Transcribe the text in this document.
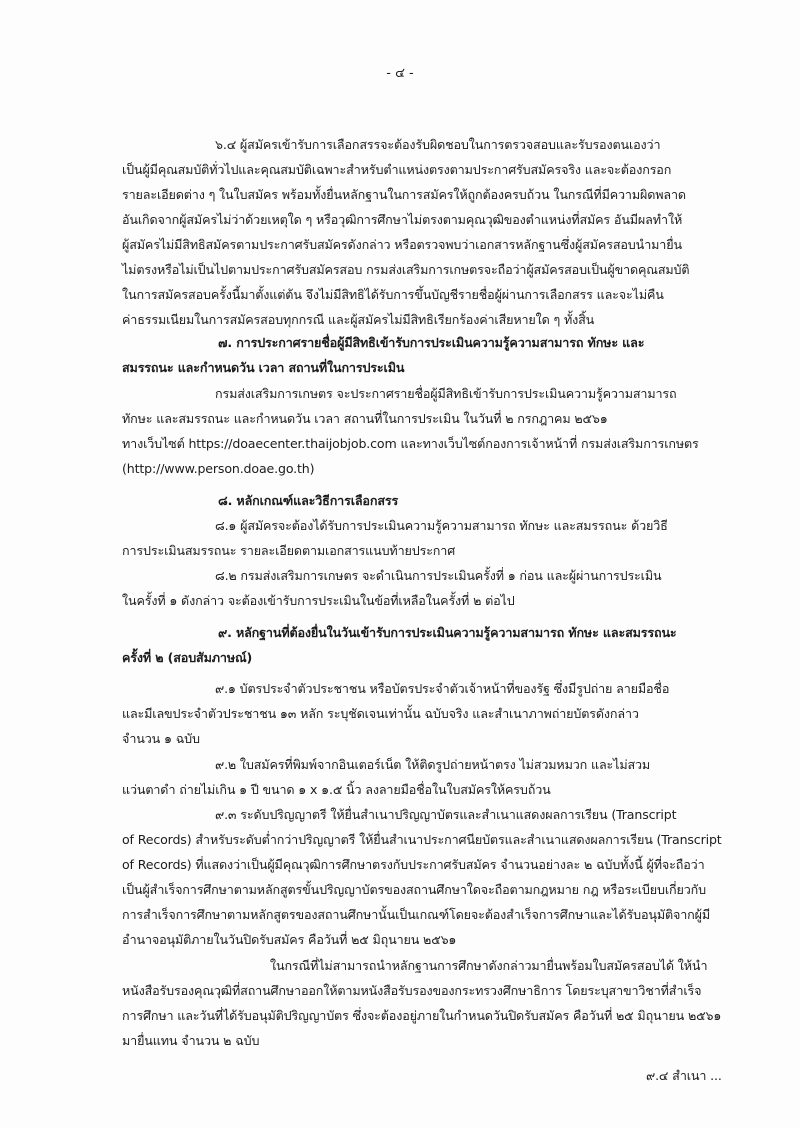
- ๔ -
๖.๔ ผู้สมัครเข้ารับการเลือกสรรจะต้องรับผิดชอบในการตรวจสอบและรับรองตนเองว่า
เป็นผู้มีคุณสมบัติทั่วไปและคุณสมบัติเฉพาะสำหรับตำแหน่งตรงตามประกาศรับสมัครจริง และจะต้องกรอก
รายละเอียดต่าง ๆ ในใบสมัคร พร้อมทั้งยื่นหลักฐานในการสมัครให้ถูกต้องครบถ้วน ในกรณีที่มีความผิดพลาด
อันเกิดจากผู้สมัครไม่ว่าด้วยเหตุใด ๆ หรือวุฒิการศึกษาไม่ตรงตามคุณวุฒิของตำแหน่งที่สมัคร อันมีผลทำให้
ผู้สมัครไม่มีสิทธิสมัครตามประกาศรับสมัครดังกล่าว หรือตรวจพบว่าเอกสารหลักฐานซึ่งผู้สมัครสอบนำมายื่น
ไม่ตรงหรือไม่เป็นไปตามประกาศรับสมัครสอบ กรมส่งเสริมการเกษตรจะถือว่าผู้สมัครสอบเป็นผู้ขาดคุณสมบัติ
ในการสมัครสอบครั้งนี้มาตั้งแต่ต้น จึงไม่มีสิทธิได้รับการขึ้นบัญชีรายชื่อผู้ผ่านการเลือกสรร และจะไม่คืน
ค่าธรรมเนียมในการสมัครสอบทุกกรณี และผู้สมัครไม่มีสิทธิเรียกร้องค่าเสียหายใด ๆ ทั้งสิ้น
๗. การประกาศรายชื่อผู้มีสิทธิเข้ารับการประเมินความรู้ความสามารถ ทักษะ และ
สมรรถนะ และกำหนดวัน เวลา สถานที่ในการประเมิน
กรมส่งเสริมการเกษตร จะประกาศรายชื่อผู้มีสิทธิเข้ารับการประเมินความรู้ความสามารถ
ทักษะ และสมรรถนะ และกำหนดวัน เวลา สถานที่ในการประเมิน ในวันที่ ๒ กรกฎาคม ๒๕๖๑
ทางเว็บไซต์ https://doaecenter.thaijobjob.com และทางเว็บไซต์กองการเจ้าหน้าที่ กรมส่งเสริมการเกษตร
(http://www.person.doae.go.th)
๘. หลักเกณฑ์และวิธีการเลือกสรร
๘.๑ ผู้สมัครจะต้องได้รับการประเมินความรู้ความสามารถ ทักษะ และสมรรถนะ ด้วยวิธี
การประเมินสมรรถนะ รายละเอียดตามเอกสารแนบท้ายประกาศ
๘.๒ กรมส่งเสริมการเกษตร จะดำเนินการประเมินครั้งที่ ๑ ก่อน และผู้ผ่านการประเมิน
ในครั้งที่ ๑ ดังกล่าว จะต้องเข้ารับการประเมินในข้อที่เหลือในครั้งที่ ๒ ต่อไป
๙. หลักฐานที่ต้องยื่นในวันเข้ารับการประเมินความรู้ความสามารถ ทักษะ และสมรรถนะ
ครั้งที่ ๒ (สอบสัมภาษณ์)
๙.๑ บัตรประจำตัวประชาชน หรือบัตรประจำตัวเจ้าหน้าที่ของรัฐ ซึ่งมีรูปถ่าย ลายมือชื่อ
และมีเลขประจำตัวประชาชน ๑๓ หลัก ระบุชัดเจนเท่านั้น ฉบับจริง และสำเนาภาพถ่ายบัตรดังกล่าว
จำนวน ๑ ฉบับ
๙.๒ ใบสมัครที่พิมพ์จากอินเตอร์เน็ต ให้ติดรูปถ่ายหน้าตรง ไม่สวมหมวก และไม่สวม
แว่นตาดำ ถ่ายไม่เกิน ๑ ปี ขนาด ๑ x ๑.๕ นิ้ว ลงลายมือชื่อในใบสมัครให้ครบถ้วน
๙.๓ ระดับปริญญาตรี ให้ยื่นสำเนาปริญญาบัตรและสำเนาแสดงผลการเรียน (Transcript
of Records) สำหรับระดับต่ำกว่าปริญญาตรี ให้ยื่นสำเนาประกาศนียบัตรและสำเนาแสดงผลการเรียน (Transcript
of Records) ที่แสดงว่าเป็นผู้มีคุณวุฒิการศึกษาตรงกับประกาศรับสมัคร จำนวนอย่างละ ๒ ฉบับทั้งนี้ ผู้ที่จะถือว่า
เป็นผู้สำเร็จการศึกษาตามหลักสูตรขั้นปริญญาบัตรของสถานศึกษาใดจะถือตามกฎหมาย กฎ หรือระเบียบเกี่ยวกับ
การสำเร็จการศึกษาตามหลักสูตรของสถานศึกษานั้นเป็นเกณฑ์โดยจะต้องสำเร็จการศึกษาและได้รับอนุมัติจากผู้มี
อำนาจอนุมัติภายในวันปิดรับสมัคร คือวันที่ ๒๕ มิถุนายน ๒๕๖๑
ในกรณีที่ไม่สามารถนำหลักฐานการศึกษาดังกล่าวมายื่นพร้อมใบสมัครสอบได้ ให้นำ
หนังสือรับรองคุณวุฒิที่สถานศึกษาออกให้ตามหนังสือรับรองของกระทรวงศึกษาธิการ โดยระบุสาขาวิชาที่สำเร็จ
การศึกษา และวันที่ได้รับอนุมัติปริญญาบัตร ซึ่งจะต้องอยู่ภายในกำหนดวันปิดรับสมัคร คือวันที่ ๒๕ มิถุนายน ๒๕๖๑
มายื่นแทน จำนวน ๒ ฉบับ
๙.๔ สำเนา ...
